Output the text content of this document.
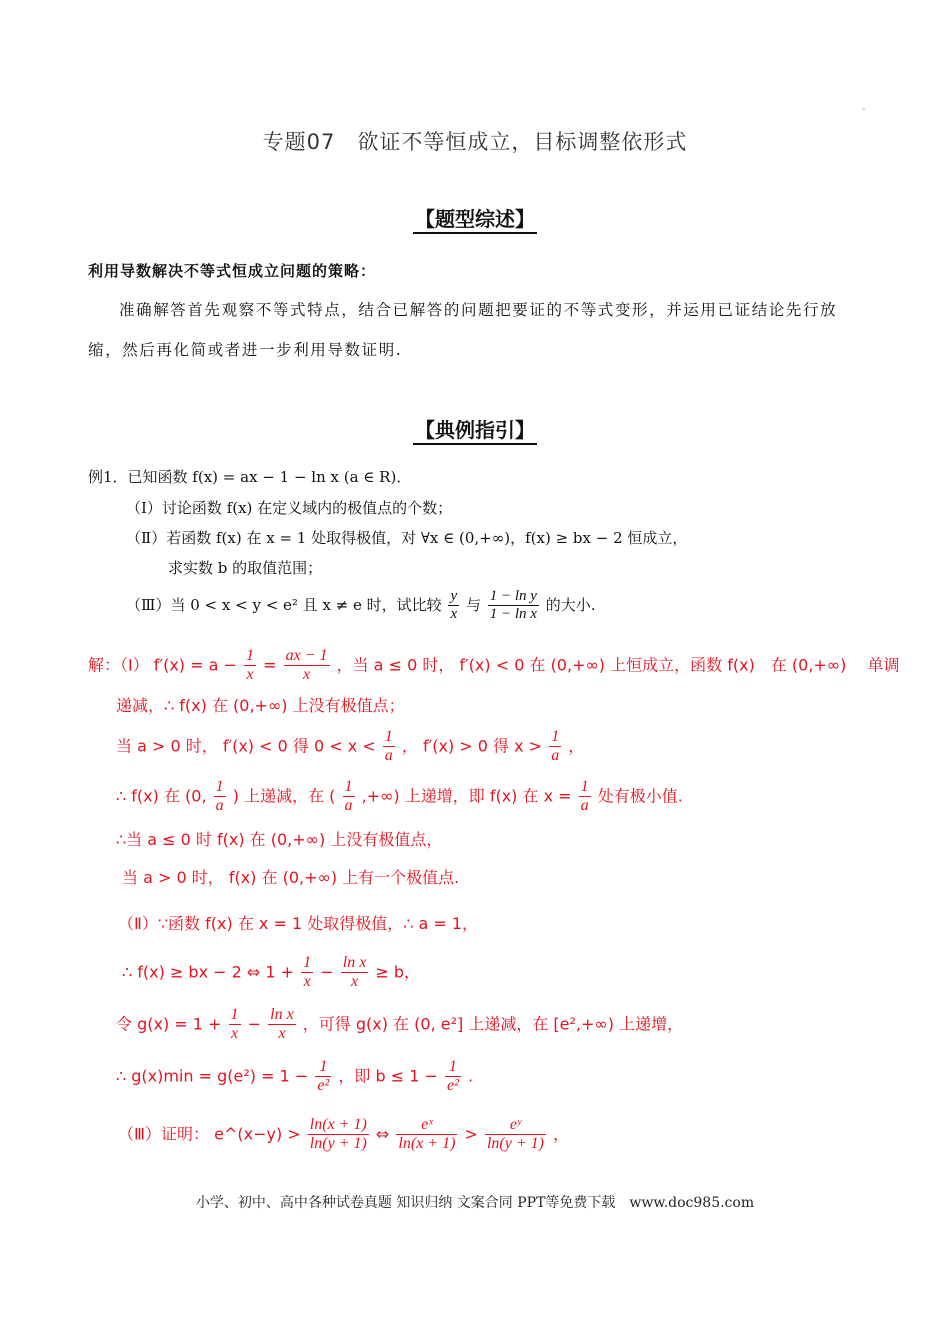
-
专题07　欲证不等恒成立，目标调整依形式
【题型综述】
利用导数解决不等式恒成立问题的策略：
准确解答首先观察不等式特点，结合已解答的问题把要证的不等式变形，并运用已证结论先行放缩，然后再化简或者进一步利用导数证明.
【典例指引】
例1．已知函数 f(x) = ax − 1 − ln x (a ∈ R)．
（Ⅰ）讨论函数 f(x) 在定义域内的极值点的个数；
（Ⅱ）若函数 f(x) 在 x = 1 处取得极值，对 ∀x ∈ (0,+∞)，f(x) ≥ bx − 2 恒成立，
求实数 b 的取值范围；
（Ⅲ）当 0 < x < y < e² 且 x ≠ e 时，试比较 $\frac{y}{x}$ 与 $\frac{\text{1 − ln y}}{\text{1 − ln x}}$ 的大小.
解：（Ⅰ） $f'(x) = a - \frac{1}{x} = \frac{ax - 1}{x}$ ，当 a ≤ 0 时， f′(x) < 0 在 (0,+∞) 上恒成立，函数 f(x)　在 (0,+∞)　 单调
递减，∴ f(x) 在 (0,+∞) 上没有极值点；
当 a > 0 时， f′(x) < 0 得 $0 < x < \frac{1}{a}$ ， f′(x) > 0 得 $x > \frac{1}{a}$ ，
∴ f(x) 在 (0, $\frac{1}{a}$ ) 上递减，在 ( $\frac{1}{a}$ ,+∞) 上递增，即 f(x) 在 $x = \frac{1}{a}$ 处有极小值.
∴当 a ≤ 0 时 f(x) 在 (0,+∞) 上没有极值点，
当 a > 0 时， f(x) 在 (0,+∞) 上有一个极值点.
（Ⅱ）∵函数 f(x) 在 x = 1 处取得极值，∴ a = 1，
∴ f(x) ≥ bx − 2 ⇔ $1 + \frac{1}{x} - \frac{\text{ln x}}{x} \ge b$，
令 $g(x) = 1 + \frac{1}{x} - \frac{\text{ln x}}{x}$ ，可得 g(x) 在 (0, e²] 上递减，在 [e²,+∞) 上递增，
∴ $g(x)\min = g(e^2) = 1 - \frac{1}{\text{e²}}$ ，即 $b \le 1 - \frac{1}{\text{e²}}$ .
（Ⅲ）证明： e^(x−y) > $\frac{\ln(x + 1)}{\ln(y + 1)}$ ⇔ $\frac{\text{eˣ}}{\ln(x + 1)} > \frac{\text{eʸ}}{\ln(y + 1)}$ ，
小学、初中、高中各种试卷真题 知识归纳 文案合同 PPT等免费下载　www.doc985.com
